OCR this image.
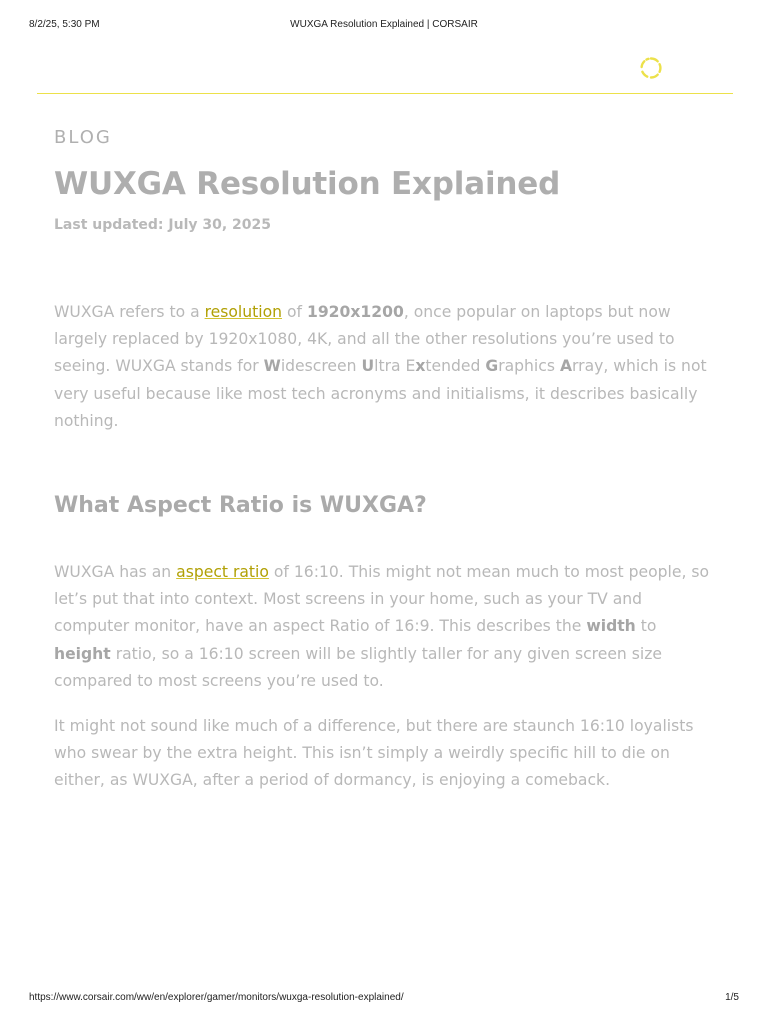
8/2/25, 5:30 PM	WUXGA Resolution Explained | CORSAIR

BLOG

WUXGA Resolution Explained

Last updated: July 30, 2025

WUXGA refers to a resolution of 1920x1200, once popular on laptops but now largely replaced by 1920x1080, 4K, and all the other resolutions you’re used to seeing. WUXGA stands for Widescreen Ultra Extended Graphics Array, which is not very useful because like most tech acronyms and initialisms, it describes basically nothing.

What Aspect Ratio is WUXGA?

WUXGA has an aspect ratio of 16:10. This might not mean much to most people, so let’s put that into context. Most screens in your home, such as your TV and computer monitor, have an aspect Ratio of 16:9. This describes the width to height ratio, so a 16:10 screen will be slightly taller for any given screen size compared to most screens you’re used to.

It might not sound like much of a difference, but there are staunch 16:10 loyalists who swear by the extra height. This isn’t simply a weirdly specific hill to die on either, as WUXGA, after a period of dormancy, is enjoying a comeback.

https://www.corsair.com/ww/en/explorer/gamer/monitors/wuxga-resolution-explained/	1/5
